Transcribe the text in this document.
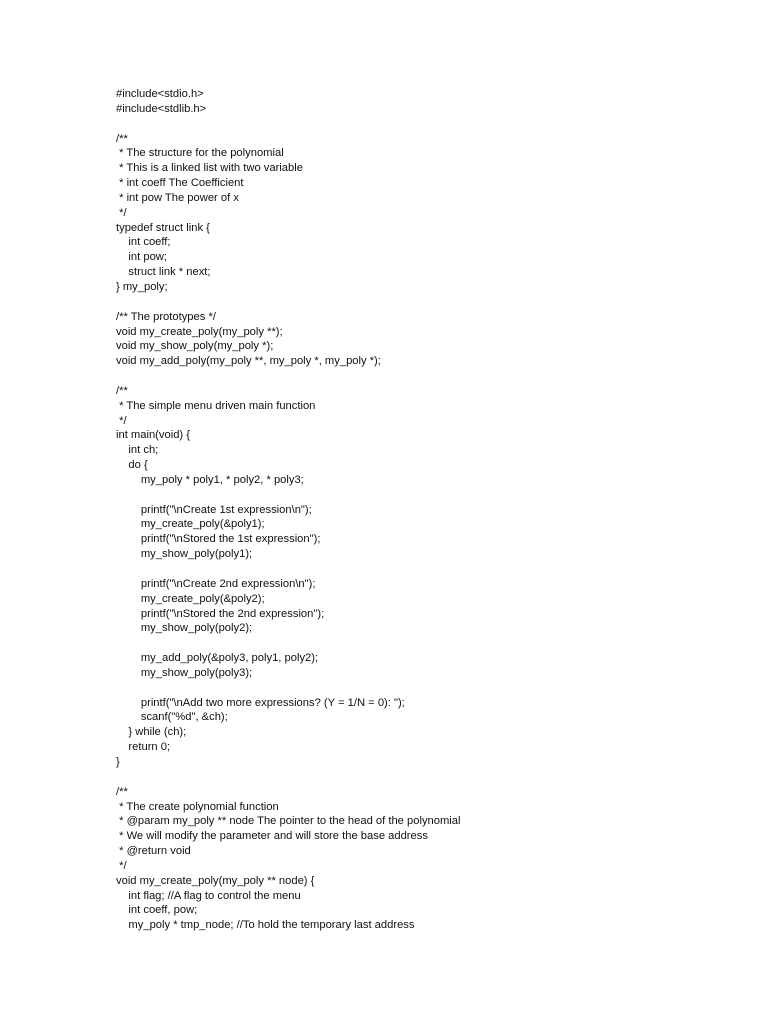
#include<stdio.h>
#include<stdlib.h>
/**
* The structure for the polynomial
* This is a linked list with two variable
* int coeff The Coefficient
* int pow The power of x
*/
typedef struct link {
int coeff;
int pow;
struct link * next;
} my_poly;
/** The prototypes */
void my_create_poly(my_poly **);
void my_show_poly(my_poly *);
void my_add_poly(my_poly **, my_poly *, my_poly *);
/**
* The simple menu driven main function
*/
int main(void) {
int ch;
do {
my_poly * poly1, * poly2, * poly3;
printf("\nCreate 1st expression\n");
my_create_poly(&poly1);
printf("\nStored the 1st expression");
my_show_poly(poly1);
printf("\nCreate 2nd expression\n");
my_create_poly(&poly2);
printf("\nStored the 2nd expression");
my_show_poly(poly2);
my_add_poly(&poly3, poly1, poly2);
my_show_poly(poly3);
printf("\nAdd two more expressions? (Y = 1/N = 0): ");
scanf("%d", &ch);
} while (ch);
return 0;
}
/**
* The create polynomial function
* @param my_poly ** node The pointer to the head of the polynomial
* We will modify the parameter and will store the base address
* @return void
*/
void my_create_poly(my_poly ** node) {
int flag; //A flag to control the menu
int coeff, pow;
my_poly * tmp_node; //To hold the temporary last address
